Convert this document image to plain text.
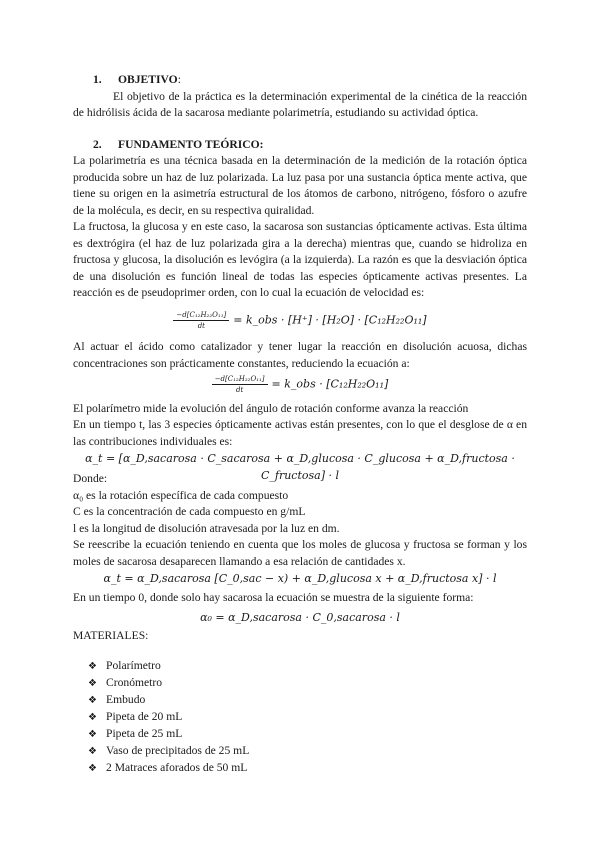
1. OBJETIVO:
El objetivo de la práctica es la determinación experimental de la cinética de la reacción de hidrólisis ácida de la sacarosa mediante polarimetría, estudiando su actividad óptica.
2. FUNDAMENTO TEÓRICO:
La polarimetría es una técnica basada en la determinación de la medición de la rotación óptica producida sobre un haz de luz polarizada. La luz pasa por una sustancia óptica mente activa, que tiene su origen en la asimetría estructural de los átomos de carbono, nitrógeno, fósforo o azufre de la molécula, es decir, en su respectiva quiralidad.
La fructosa, la glucosa y en este caso, la sacarosa son sustancias ópticamente activas. Esta última es dextrógira (el haz de luz polarizada gira a la derecha) mientras que, cuando se hidroliza en fructosa y glucosa, la disolución es levógira (a la izquierda). La razón es que la desviación óptica de una disolución es función lineal de todas las especies ópticamente activas presentes. La reacción es de pseudoprimer orden, con lo cual la ecuación de velocidad es:
$\frac{\text{−d[C₁₂H₂₂O₁₁]}}{dt}$ = k_obs · [H⁺] · [H₂O] · [C₁₂H₂₂O₁₁]
Al actuar el ácido como catalizador y tener lugar la reacción en disolución acuosa, dichas concentraciones son prácticamente constantes, reduciendo la ecuación a:
$\frac{\text{−d[C₁₂H₂₂O₁₁]}}{dt}$ = k_obs · [C₁₂H₂₂O₁₁]
El polarímetro mide la evolución del ángulo de rotación conforme avanza la reacción
En un tiempo t, las 3 especies ópticamente activas están presentes, con lo que el desglose de α en las contribuciones individuales es:
α_t = [α_D,sacarosa · C_sacarosa + α_D,glucosa · C_glucosa + α_D,fructosa · C_fructosa] · l
Donde:
α₀ es la rotación específica de cada compuesto
C es la concentración de cada compuesto en g/mL
l es la longitud de disolución atravesada por la luz en dm.
Se reescribe la ecuación teniendo en cuenta que los moles de glucosa y fructosa se forman y los moles de sacarosa desaparecen llamando a esa relación de cantidades x.
α_t = α_D,sacarosa [C_0,sac − x) + α_D,glucosa x + α_D,fructosa x] · l
En un tiempo 0, donde solo hay sacarosa la ecuación se muestra de la siguiente forma:
α₀ = α_D,sacarosa · C_0,sacarosa · l
MATERIALES:
❖ Polarímetro
❖ Cronómetro
❖ Embudo
❖ Pipeta de 20 mL
❖ Pipeta de 25 mL
❖ Vaso de precipitados de 25 mL
❖ 2 Matraces aforados de 50 mL
